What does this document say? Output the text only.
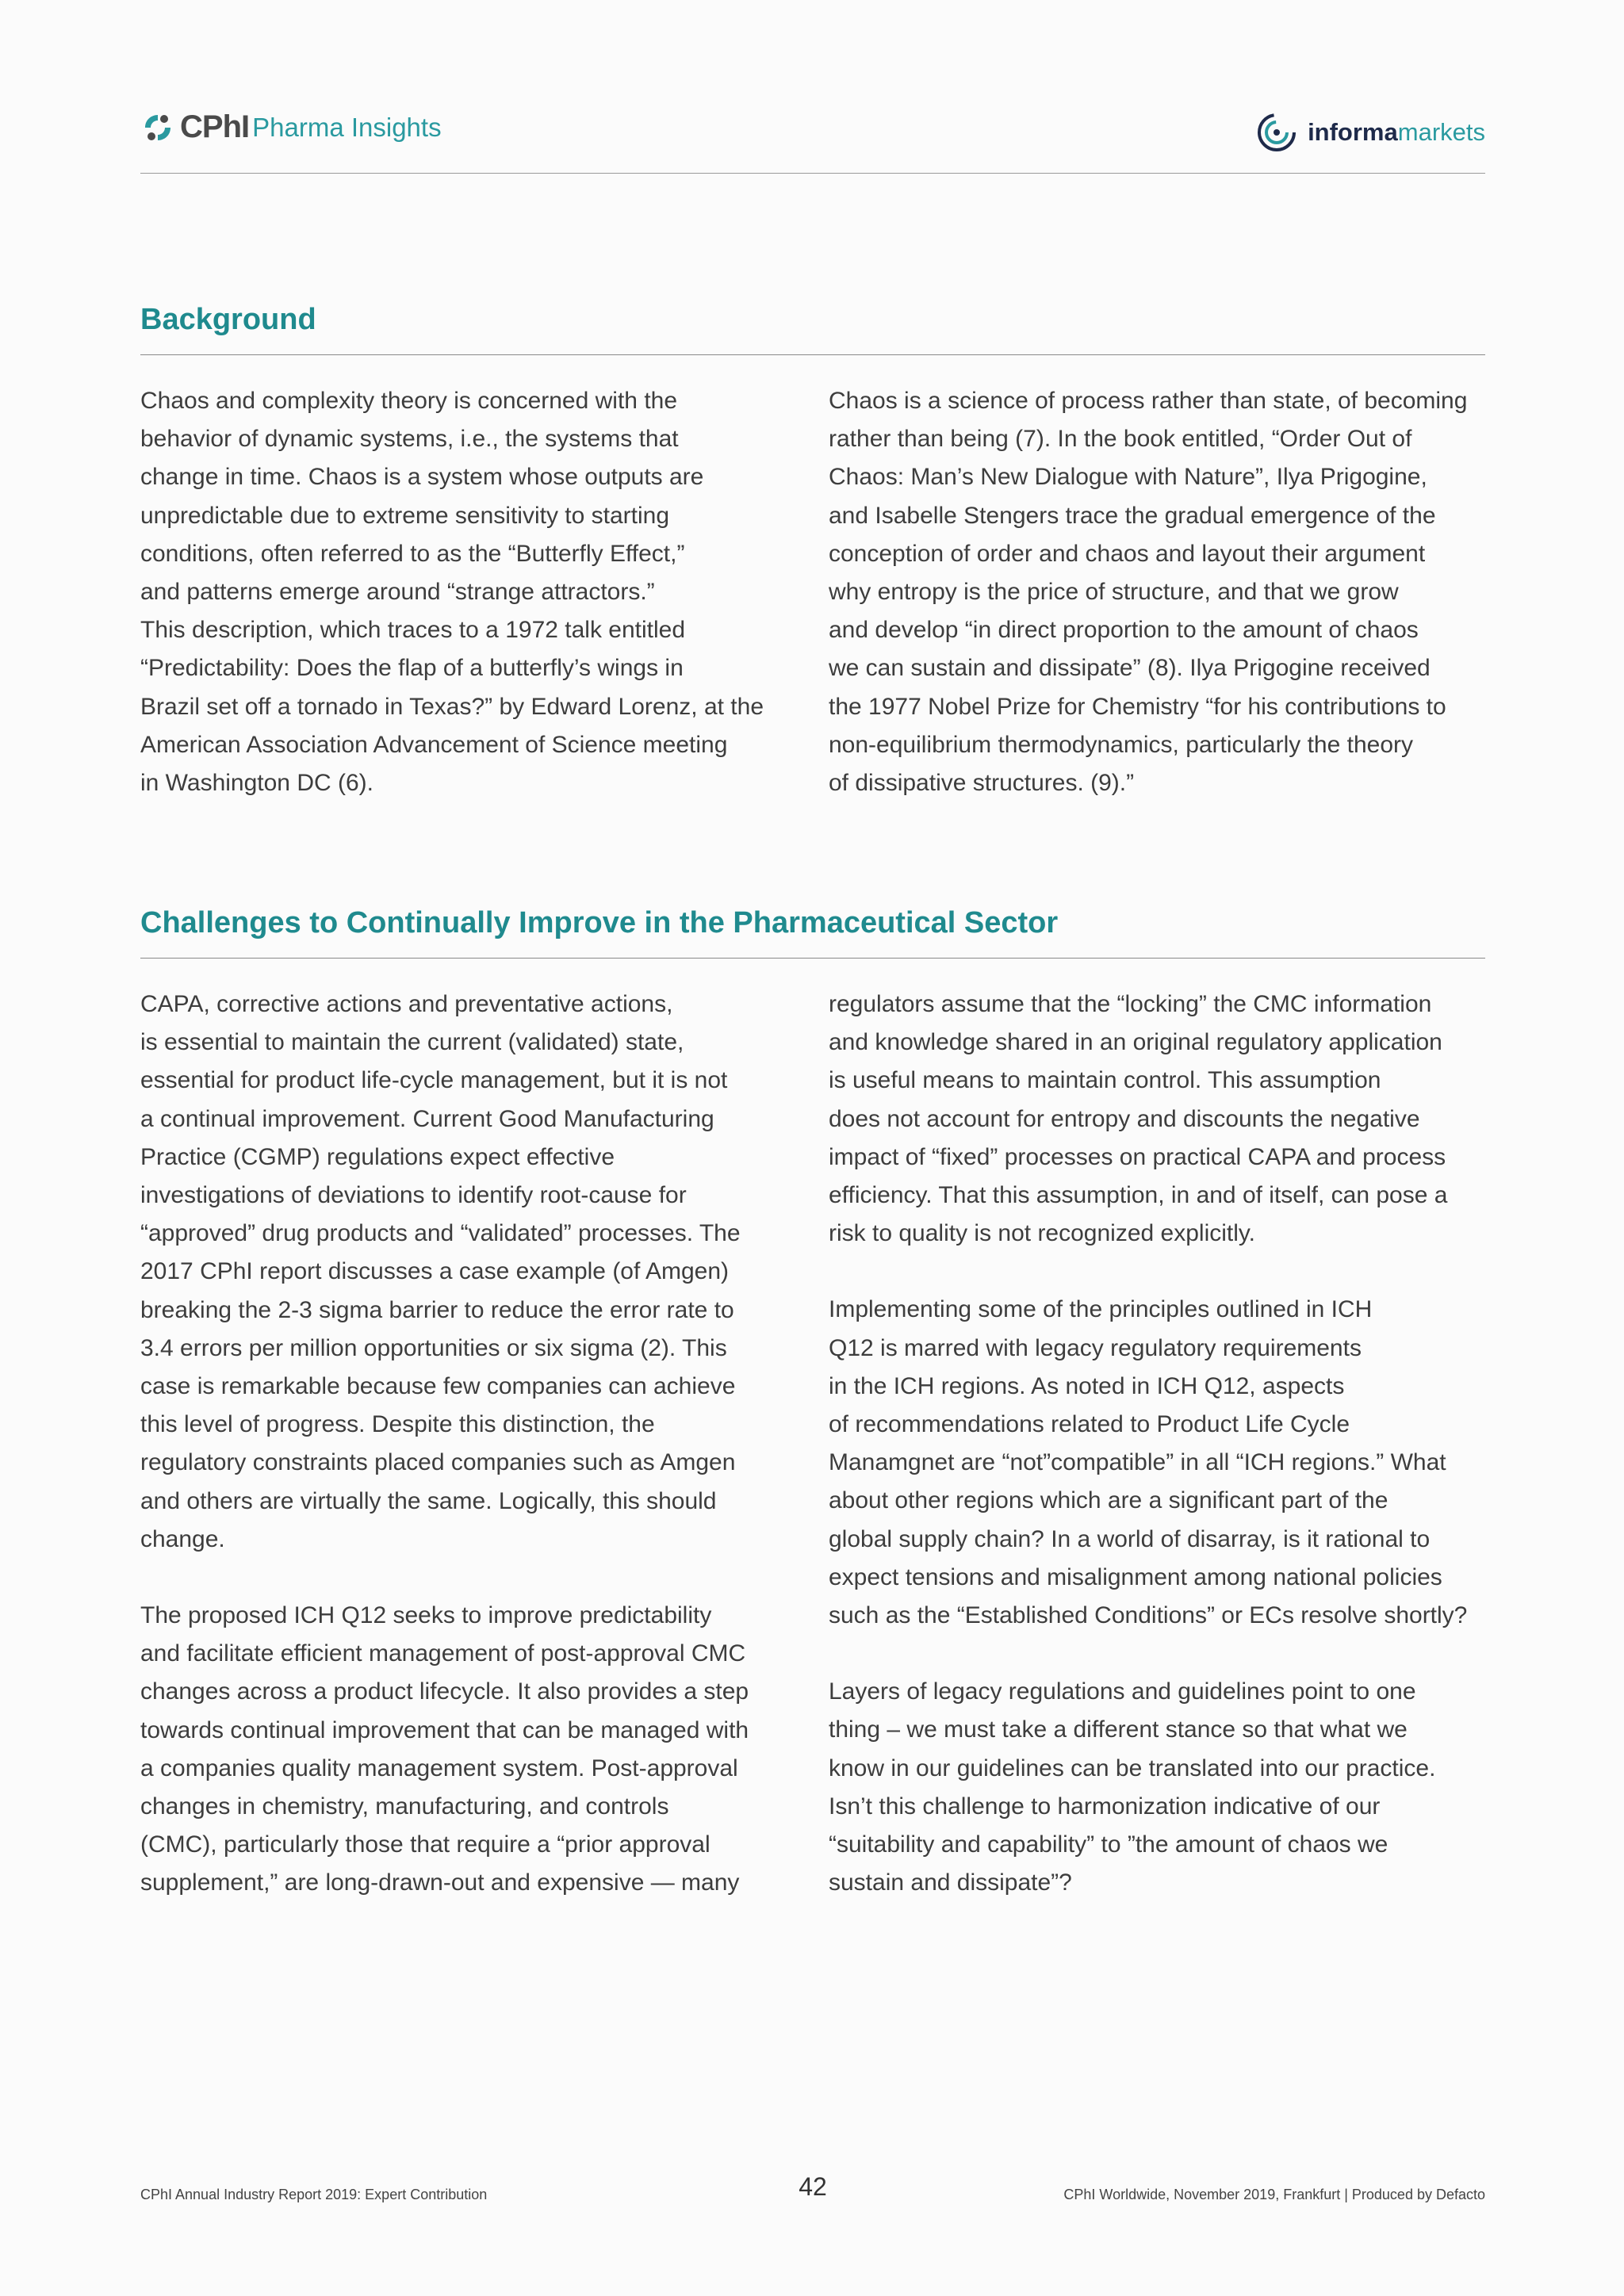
CPhI Pharma Insights	informa markets
Background

Chaos and complexity theory is concerned with the
behavior of dynamic systems, i.e., the systems that
change in time. Chaos is a system whose outputs are
unpredictable due to extreme sensitivity to starting
conditions, often referred to as the “Butterfly Effect,”
and patterns emerge around “strange attractors.”
This description, which traces to a 1972 talk entitled
“Predictability: Does the flap of a butterfly’s wings in
Brazil set off a tornado in Texas?” by Edward Lorenz, at the
American Association Advancement of Science meeting
in Washington DC (6).

Chaos is a science of process rather than state, of becoming
rather than being (7). In the book entitled, “Order Out of
Chaos: Man’s New Dialogue with Nature”, Ilya Prigogine,
and Isabelle Stengers trace the gradual emergence of the
conception of order and chaos and layout their argument
why entropy is the price of structure, and that we grow
and develop “in direct proportion to the amount of chaos
we can sustain and dissipate” (8). Ilya Prigogine received
the 1977 Nobel Prize for Chemistry “for his contributions to
non-equilibrium thermodynamics, particularly the theory
of dissipative structures. (9).”

Challenges to Continually Improve in the Pharmaceutical Sector

CAPA, corrective actions and preventative actions,
is essential to maintain the current (validated) state,
essential for product life-cycle management, but it is not
a continual improvement. Current Good Manufacturing
Practice (CGMP) regulations expect effective
investigations of deviations to identify root-cause for
“approved” drug products and “validated” processes. The
2017 CPhI report discusses a case example (of Amgen)
breaking the 2-3 sigma barrier to reduce the error rate to
3.4 errors per million opportunities or six sigma (2). This
case is remarkable because few companies can achieve
this level of progress. Despite this distinction, the
regulatory constraints placed companies such as Amgen
and others are virtually the same. Logically, this should
change.

The proposed ICH Q12 seeks to improve predictability
and facilitate efficient management of post-approval CMC
changes across a product lifecycle. It also provides a step
towards continual improvement that can be managed with
a companies quality management system. Post-approval
changes in chemistry, manufacturing, and controls
(CMC), particularly those that require a “prior approval
supplement,” are long-drawn-out and expensive — many

regulators assume that the “locking” the CMC information
and knowledge shared in an original regulatory application
is useful means to maintain control. This assumption
does not account for entropy and discounts the negative
impact of “fixed” processes on practical CAPA and process
efficiency. That this assumption, in and of itself, can pose a
risk to quality is not recognized explicitly.

Implementing some of the principles outlined in ICH
Q12 is marred with legacy regulatory requirements
in the ICH regions. As noted in ICH Q12, aspects
of recommendations related to Product Life Cycle
Manamgnet are “not”compatible” in all “ICH regions.” What
about other regions which are a significant part of the
global supply chain? In a world of disarray, is it rational to
expect tensions and misalignment among national policies
such as the “Established Conditions” or ECs resolve shortly?

Layers of legacy regulations and guidelines point to one
thing – we must take a different stance so that what we
know in our guidelines can be translated into our practice.
Isn’t this challenge to harmonization indicative of our
“suitability and capability” to ”the amount of chaos we
sustain and dissipate”?

CPhI Annual Industry Report 2019: Expert Contribution	42	CPhI Worldwide, November 2019, Frankfurt | Produced by Defacto
